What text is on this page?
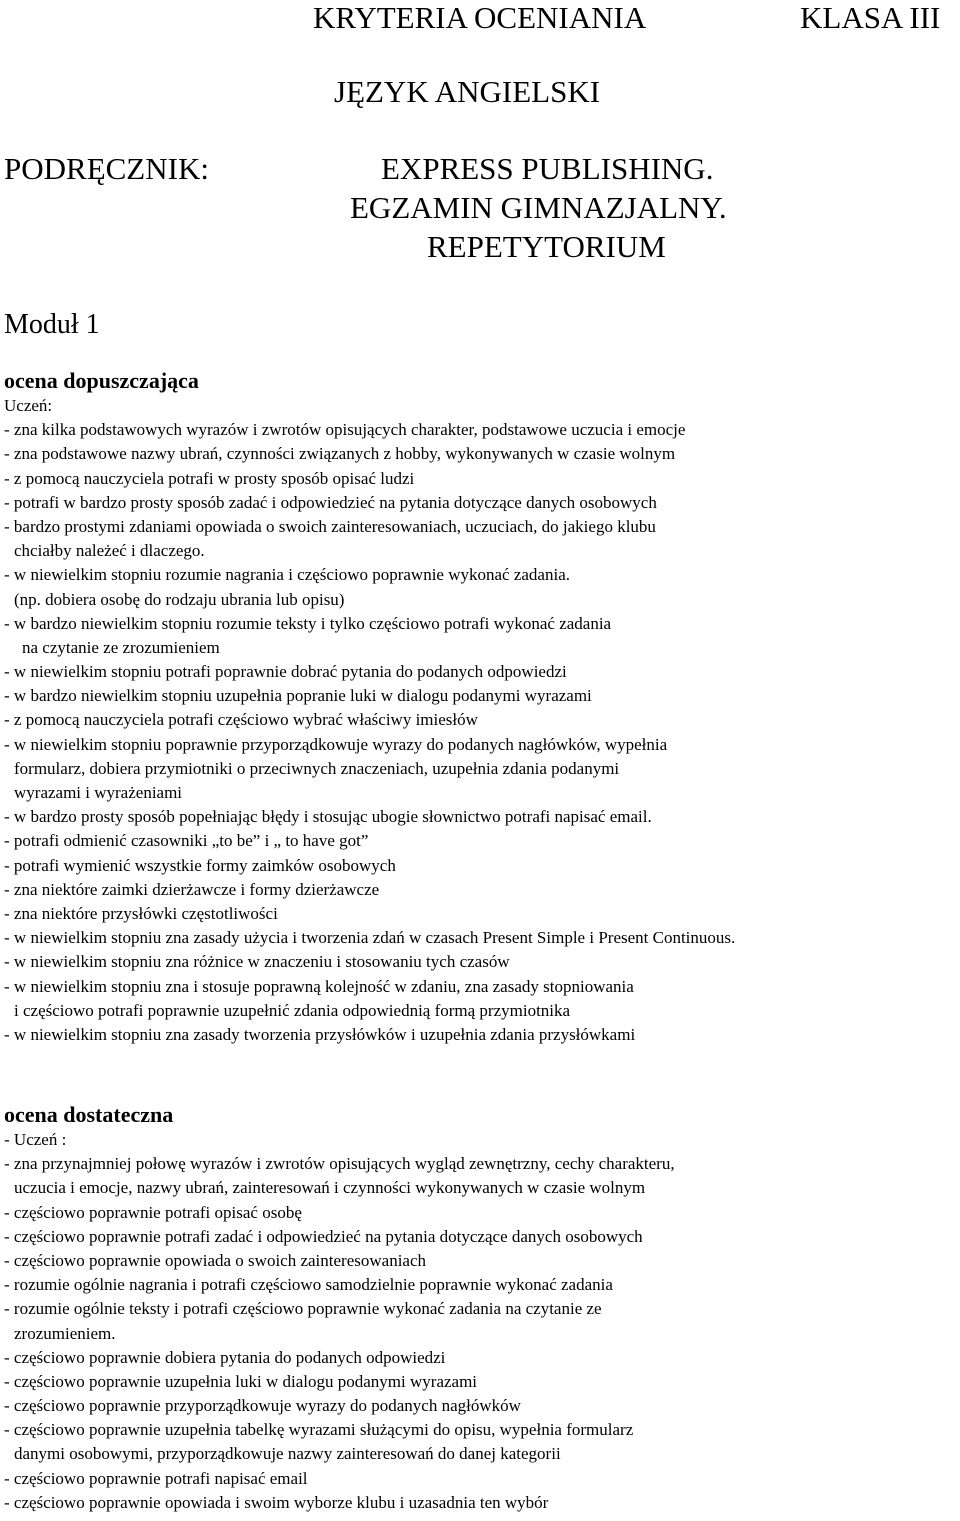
KRYTERIA OCENIANIA	KLASA III
JĘZYK ANGIELSKI
PODRĘCZNIK:	EXPRESS PUBLISHING.
EGZAMIN GIMNAZJALNY.
REPETYTORIUM
Moduł 1
ocena dopuszczająca
Uczeń:
- zna kilka podstawowych wyrazów i zwrotów opisujących charakter, podstawowe uczucia i emocje
- zna podstawowe nazwy ubrań, czynności związanych z hobby, wykonywanych w czasie wolnym
- z pomocą nauczyciela potrafi w prosty sposób opisać ludzi
- potrafi w bardzo prosty sposób zadać i odpowiedzieć na pytania dotyczące danych osobowych
- bardzo prostymi zdaniami opowiada o swoich zainteresowaniach, uczuciach, do jakiego klubu
chciałby należeć i dlaczego.
- w niewielkim stopniu rozumie nagrania i częściowo poprawnie wykonać zadania.
(np. dobiera osobę do rodzaju ubrania lub opisu)
- w bardzo niewielkim stopniu rozumie teksty i tylko częściowo potrafi wykonać zadania
na czytanie ze zrozumieniem
- w niewielkim stopniu potrafi poprawnie dobrać pytania do podanych odpowiedzi
- w bardzo niewielkim stopniu uzupełnia popranie luki w dialogu podanymi wyrazami
- z pomocą nauczyciela potrafi częściowo wybrać właściwy imiesłów
- w niewielkim stopniu poprawnie przyporządkowuje wyrazy do podanych nagłówków, wypełnia
formularz, dobiera przymiotniki o przeciwnych znaczeniach, uzupełnia zdania podanymi
wyrazami i wyrażeniami
- w bardzo prosty sposób popełniając błędy i stosując ubogie słownictwo potrafi napisać email.
- potrafi odmienić czasowniki „to be” i „ to have got”
- potrafi wymienić wszystkie formy zaimków osobowych
- zna niektóre zaimki dzierżawcze i formy dzierżawcze
- zna niektóre przysłówki częstotliwości
- w niewielkim stopniu zna zasady użycia i tworzenia zdań w czasach Present Simple i Present Continuous.
- w niewielkim stopniu zna różnice w znaczeniu i stosowaniu tych czasów
- w niewielkim stopniu zna i stosuje poprawną kolejność w zdaniu, zna zasady stopniowania
i częściowo potrafi poprawnie uzupełnić zdania odpowiednią formą przymiotnika
- w niewielkim stopniu zna zasady tworzenia przysłówków i uzupełnia zdania przysłówkami
ocena dostateczna
- Uczeń :
- zna przynajmniej połowę wyrazów i zwrotów opisujących wygląd zewnętrzny, cechy charakteru,
uczucia i emocje, nazwy ubrań, zainteresowań i czynności wykonywanych w czasie wolnym
- częściowo poprawnie potrafi opisać osobę
- częściowo poprawnie potrafi zadać i odpowiedzieć na pytania dotyczące danych osobowych
- częściowo poprawnie opowiada o swoich zainteresowaniach
- rozumie ogólnie nagrania i potrafi częściowo samodzielnie poprawnie wykonać zadania
- rozumie ogólnie teksty i potrafi częściowo poprawnie wykonać zadania na czytanie ze
zrozumieniem.
- częściowo poprawnie dobiera pytania do podanych odpowiedzi
- częściowo poprawnie uzupełnia luki w dialogu podanymi wyrazami
- częściowo poprawnie przyporządkowuje wyrazy do podanych nagłówków
- częściowo poprawnie uzupełnia tabelkę wyrazami służącymi do opisu, wypełnia formularz
danymi osobowymi, przyporządkowuje nazwy zainteresowań do danej kategorii
- częściowo poprawnie potrafi napisać email
- częściowo poprawnie opowiada i swoim wyborze klubu i uzasadnia ten wybór
